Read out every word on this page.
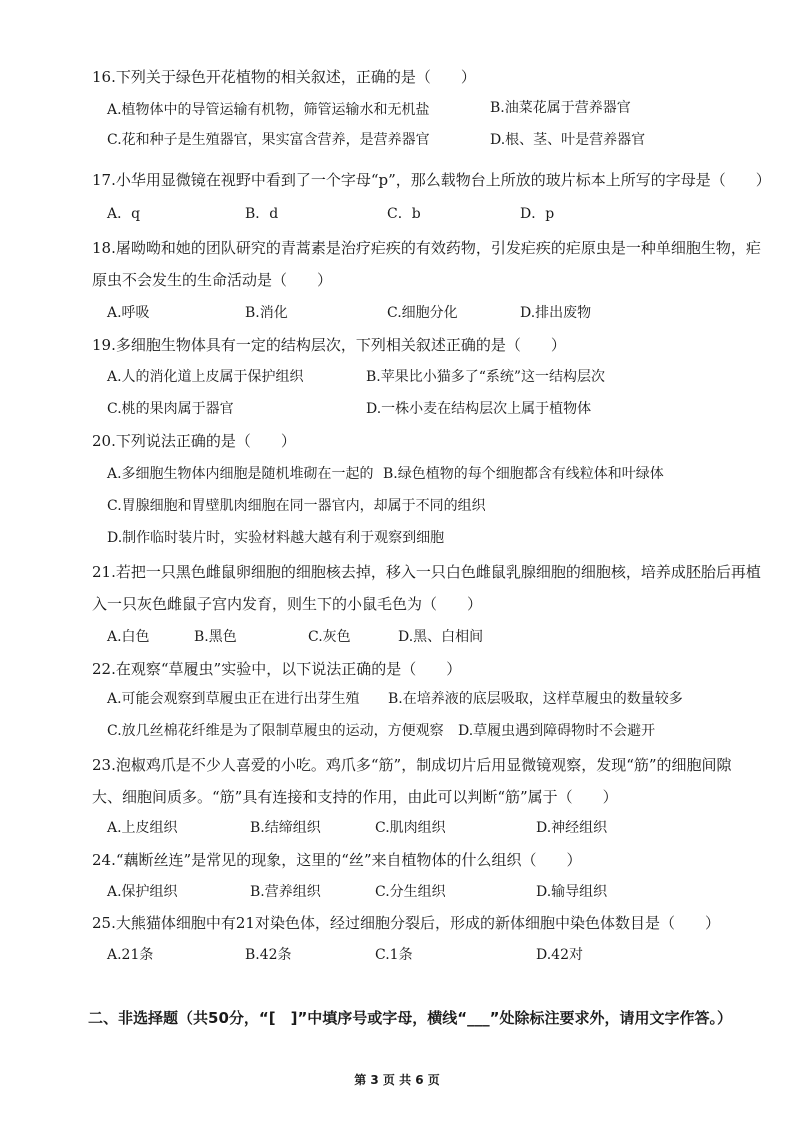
16.下列关于绿色开花植物的相关叙述，正确的是（　　）
A.植物体中的导管运输有机物，筛管运输水和无机盐	B.油菜花属于营养器官
C.花和种子是生殖器官，果实富含营养，是营养器官	D.根、茎、叶是营养器官
17.小华用显微镜在视野中看到了一个字母“p”，那么载物台上所放的玻片标本上所写的字母是（　　）
A．q	B．d	C．b	D．p
18.屠呦呦和她的团队研究的青蒿素是治疗疟疾的有效药物，引发疟疾的疟原虫是一种单细胞生物，疟
原虫不会发生的生命活动是（　　）
A.呼吸	B.消化	C.细胞分化	D.排出废物
19.多细胞生物体具有一定的结构层次，下列相关叙述正确的是（　　）
A.人的消化道上皮属于保护组织	B.苹果比小猫多了“系统”这一结构层次
C.桃的果肉属于器官	D.一株小麦在结构层次上属于植物体
20.下列说法正确的是（　　）
A.多细胞生物体内细胞是随机堆砌在一起的 B.绿色植物的每个细胞都含有线粒体和叶绿体
C.胃腺细胞和胃壁肌肉细胞在同一器官内，却属于不同的组织
D.制作临时装片时，实验材料越大越有利于观察到细胞
21.若把一只黑色雌鼠卵细胞的细胞核去掉，移入一只白色雌鼠乳腺细胞的细胞核，培养成胚胎后再植
入一只灰色雌鼠子宫内发育，则生下的小鼠毛色为（　　）
A.白色	B.黑色	C.灰色	D.黑、白相间
22.在观察“草履虫”实验中，以下说法正确的是（　　）
A.可能会观察到草履虫正在进行出芽生殖 B.在培养液的底层吸取，这样草履虫的数量较多
C.放几丝棉花纤维是为了限制草履虫的运动，方便观察 D.草履虫遇到障碍物时不会避开
23.泡椒鸡爪是不少人喜爱的小吃。鸡爪多“筋”，制成切片后用显微镜观察，发现“筋”的细胞间隙
大、细胞间质多。“筋”具有连接和支持的作用，由此可以判断“筋”属于（　　）
A.上皮组织	B.结缔组织	C.肌肉组织	D.神经组织
24.“藕断丝连”是常见的现象，这里的“丝”来自植物体的什么组织（　　）
A.保护组织	B.营养组织	C.分生组织	D.输导组织
25.大熊猫体细胞中有21对染色体，经过细胞分裂后，形成的新体细胞中染色体数目是（　　）
A.21条	B.42条	C.1条	D.42对
二、非选择题（共50分，“[　]”中填序号或字母，横线“___”处除标注要求外，请用文字作答。）
第 3 页 共 6 页
